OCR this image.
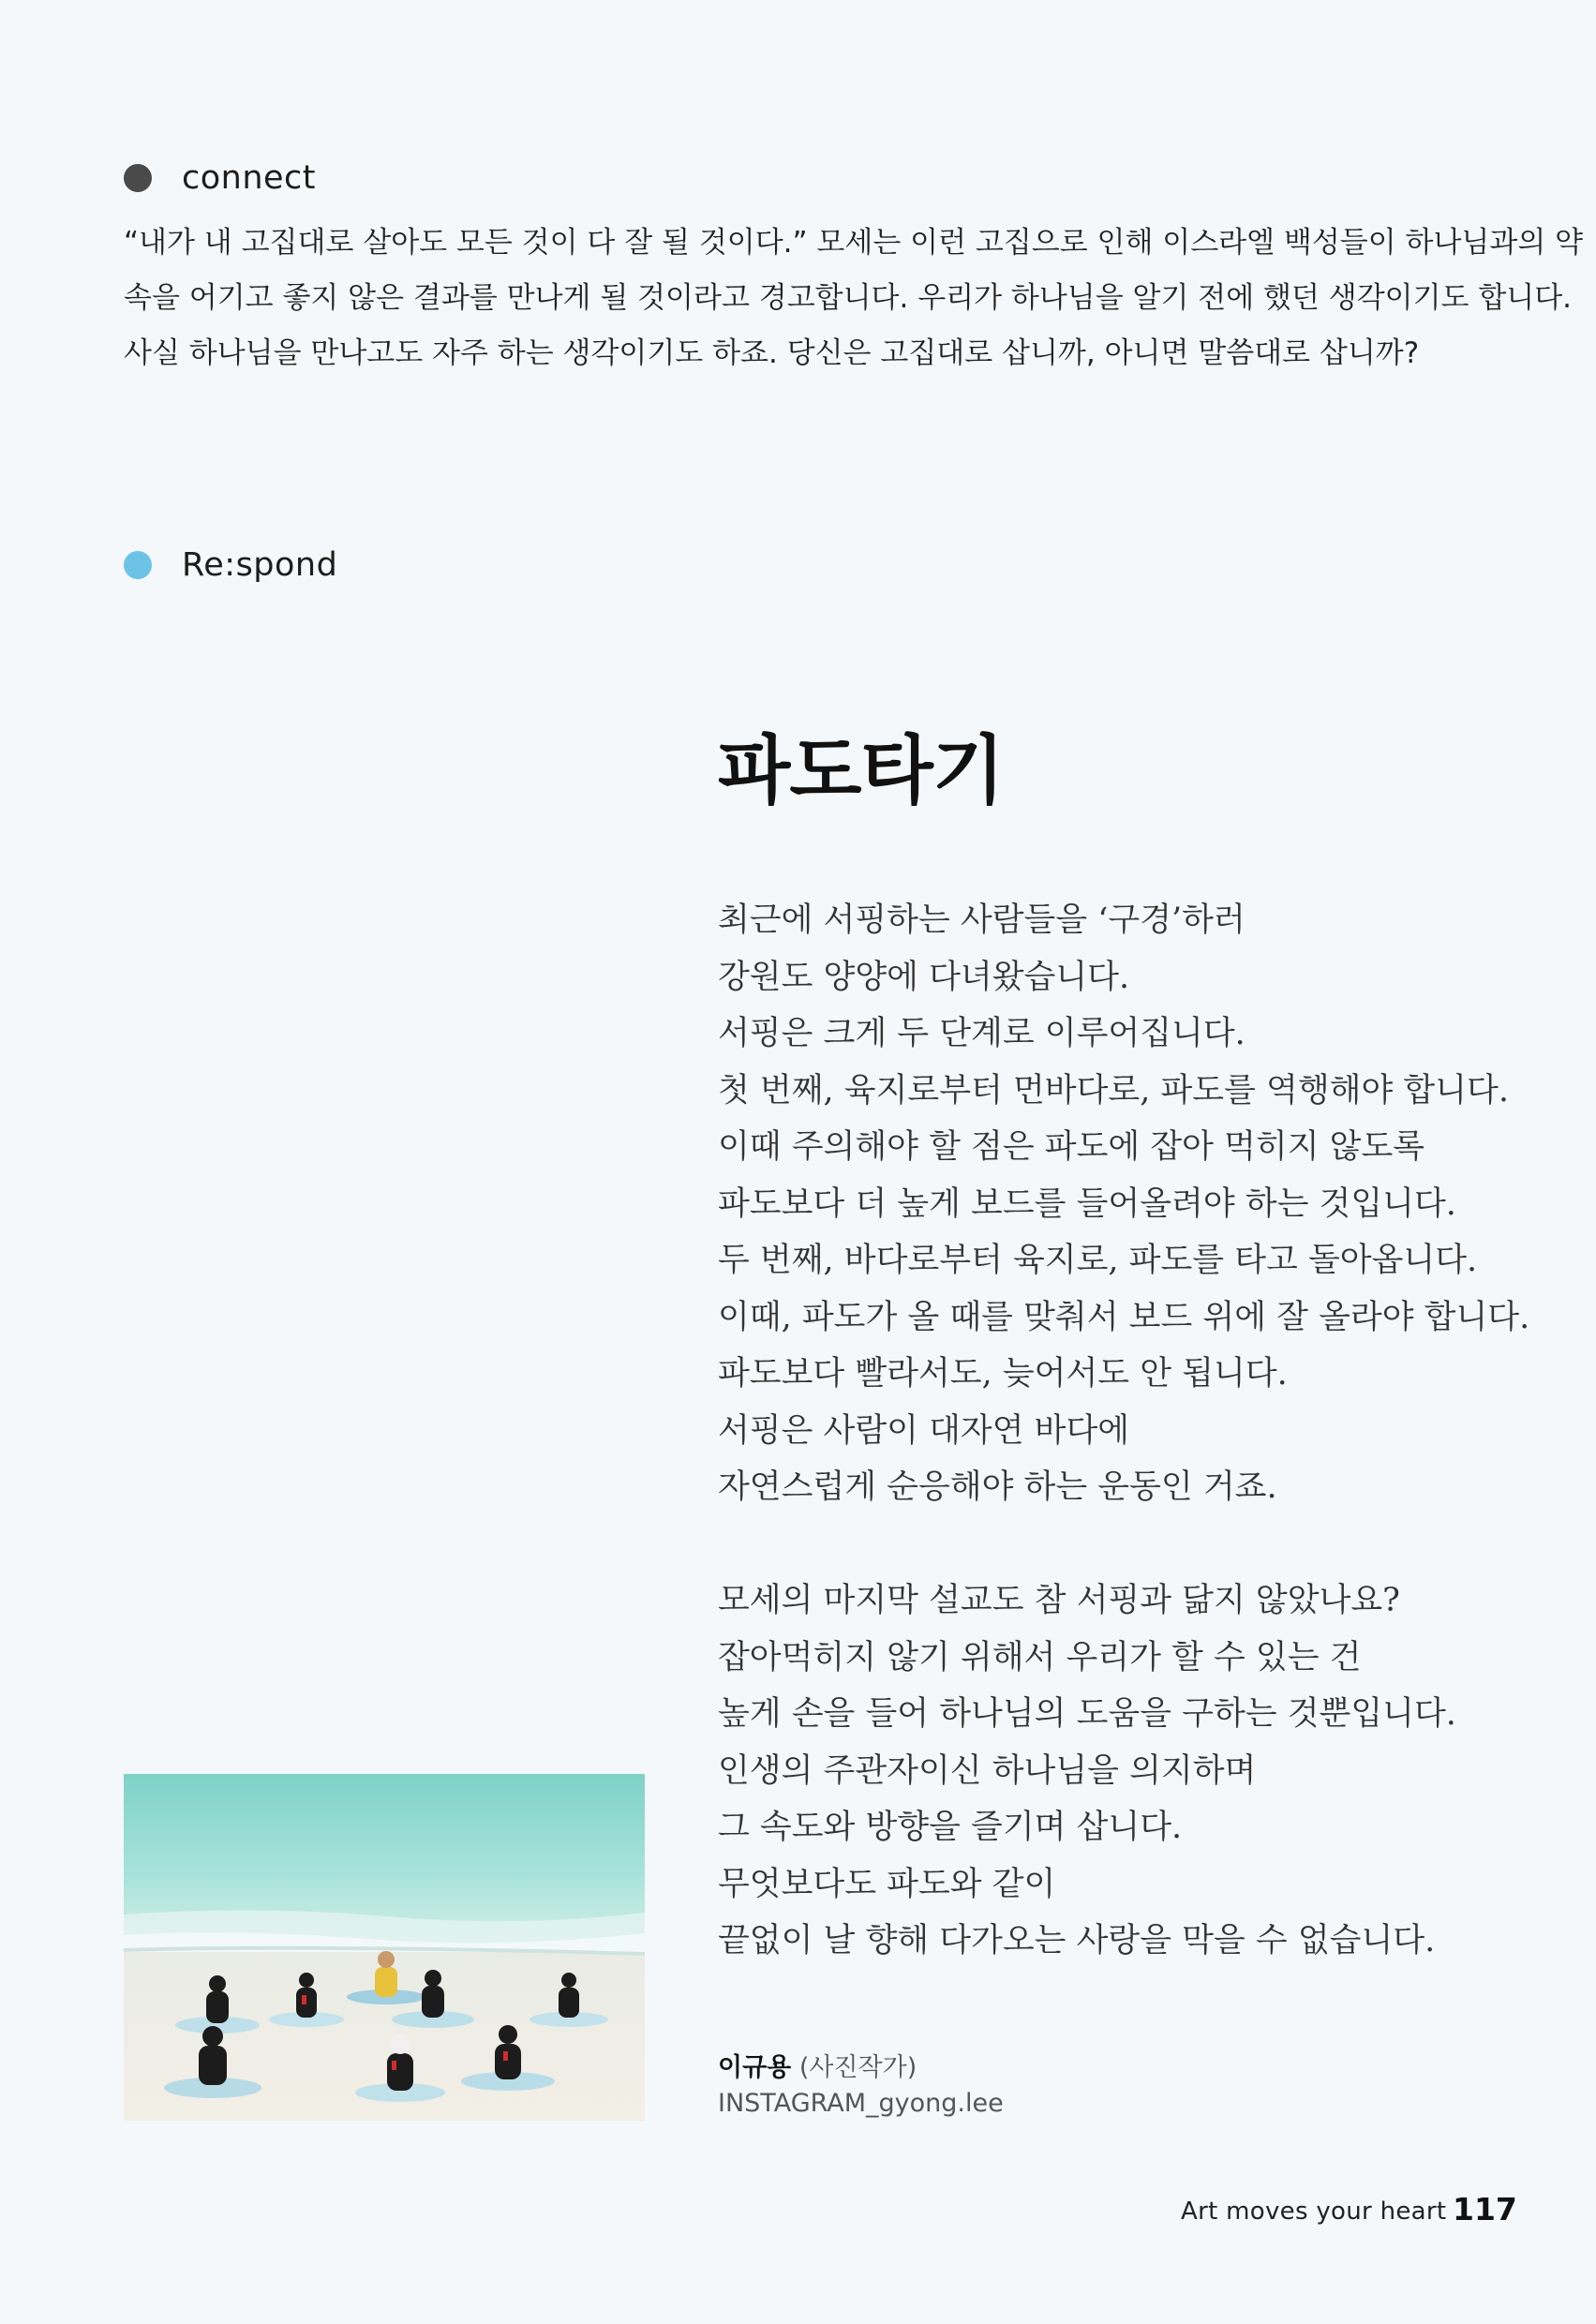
connect

“내가 내 고집대로 살아도 모든 것이 다 잘 될 것이다.” 모세는 이런 고집으로 인해 이스라엘 백성들이 하나님과의 약
속을 어기고 좋지 않은 결과를 만나게 될 것이라고 경고합니다. 우리가 하나님을 알기 전에 했던 생각이기도 합니다.
사실 하나님을 만나고도 자주 하는 생각이기도 하죠. 당신은 고집대로 삽니까, 아니면 말씀대로 삽니까?

Re:spond
파도타기
최근에 서핑하는 사람들을 ‘구경’하러
강원도 양양에 다녀왔습니다.
서핑은 크게 두 단계로 이루어집니다.
첫 번째, 육지로부터 먼바다로, 파도를 역행해야 합니다.
이때 주의해야 할 점은 파도에 잡아 먹히지 않도록
파도보다 더 높게 보드를 들어올려야 하는 것입니다.
두 번째, 바다로부터 육지로, 파도를 타고 돌아옵니다.
이때, 파도가 올 때를 맞춰서 보드 위에 잘 올라야 합니다.
파도보다 빨라서도, 늦어서도 안 됩니다.
서핑은 사람이 대자연 바다에
자연스럽게 순응해야 하는 운동인 거죠.
모세의 마지막 설교도 참 서핑과 닮지 않았나요?
잡아먹히지 않기 위해서 우리가 할 수 있는 건
높게 손을 들어 하나님의 도움을 구하는 것뿐입니다.
인생의 주관자이신 하나님을 의지하며
그 속도와 방향을 즐기며 삽니다.
무엇보다도 파도와 같이
끝없이 날 향해 다가오는 사랑을 막을 수 없습니다.
이규용 (사진작가)
INSTAGRAM_gyong.lee
Art moves your heart 117
